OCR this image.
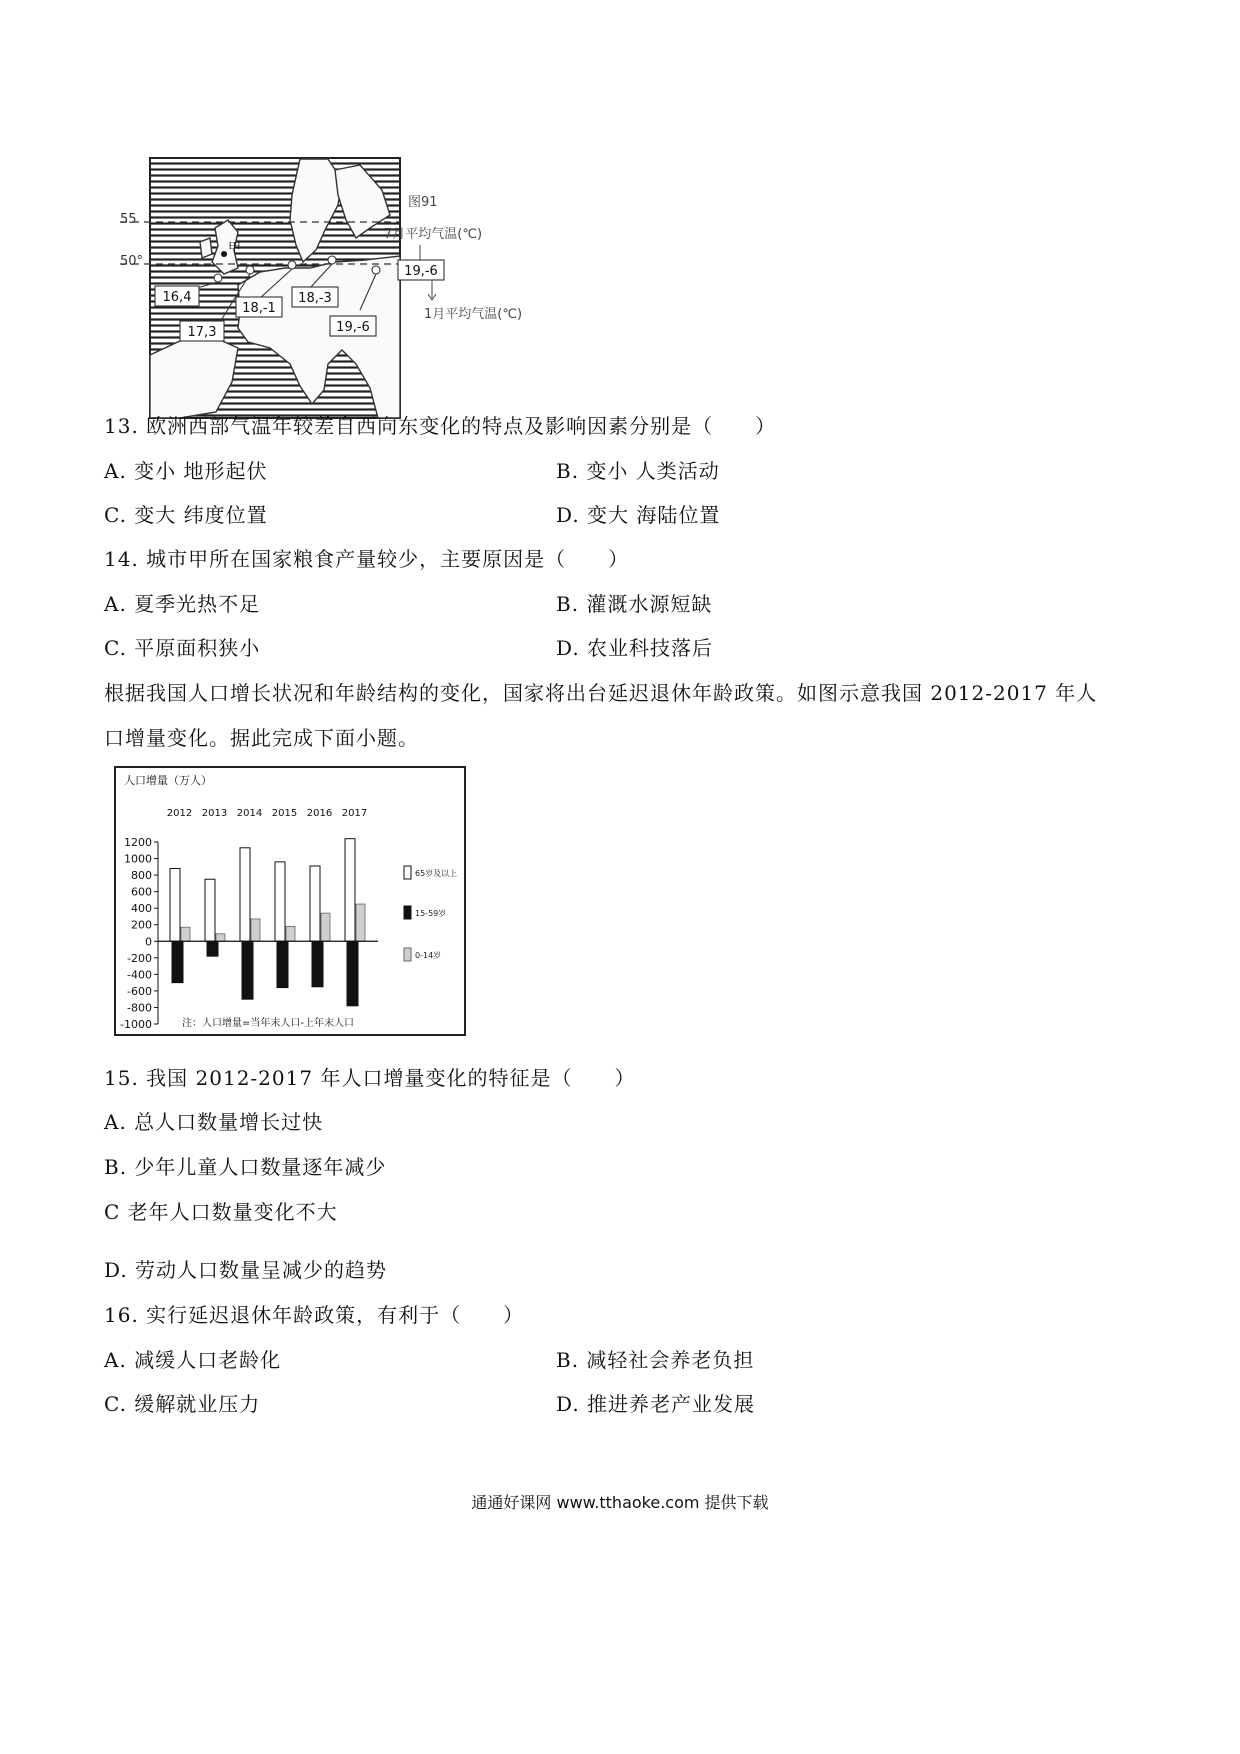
55
50°
甲
16,4
17,3
18,-1
18,-3
19,-6
图91
7月平均气温(℃)
19,-6
1月平均气温(℃)
13. 欧洲西部气温年较差自西向东变化的特点及影响因素分别是（　　）
A. 变小 地形起伏	B. 变小 人类活动
C. 变大 纬度位置	D. 变大 海陆位置
14. 城市甲所在国家粮食产量较少，主要原因是（　　）
A. 夏季光热不足	B. 灌溉水源短缺
C. 平原面积狭小	D. 农业科技落后
根据我国人口增长状况和年龄结构的变化，国家将出台延迟退休年龄政策。如图示意我国 2012-2017 年人
口增量变化。据此完成下面小题。
人口增量（万人）
2012 2013 2014 2015 2016 2017
1200
1000
800
600
400
200
0
-200
-400
-600
-800
-1000
65岁及以上
15-59岁
0-14岁
注：人口增量=当年末人口-上年末人口
15. 我国 2012-2017 年人口增量变化的特征是（　　）
A. 总人口数量增长过快
B. 少年儿童人口数量逐年减少
C 老年人口数量变化不大
D. 劳动人口数量呈减少的趋势
16. 实行延迟退休年龄政策，有利于（　　）
A. 减缓人口老龄化	B. 减轻社会养老负担
C. 缓解就业压力	D. 推进养老产业发展
通通好课网 www.tthaoke.com 提供下载
